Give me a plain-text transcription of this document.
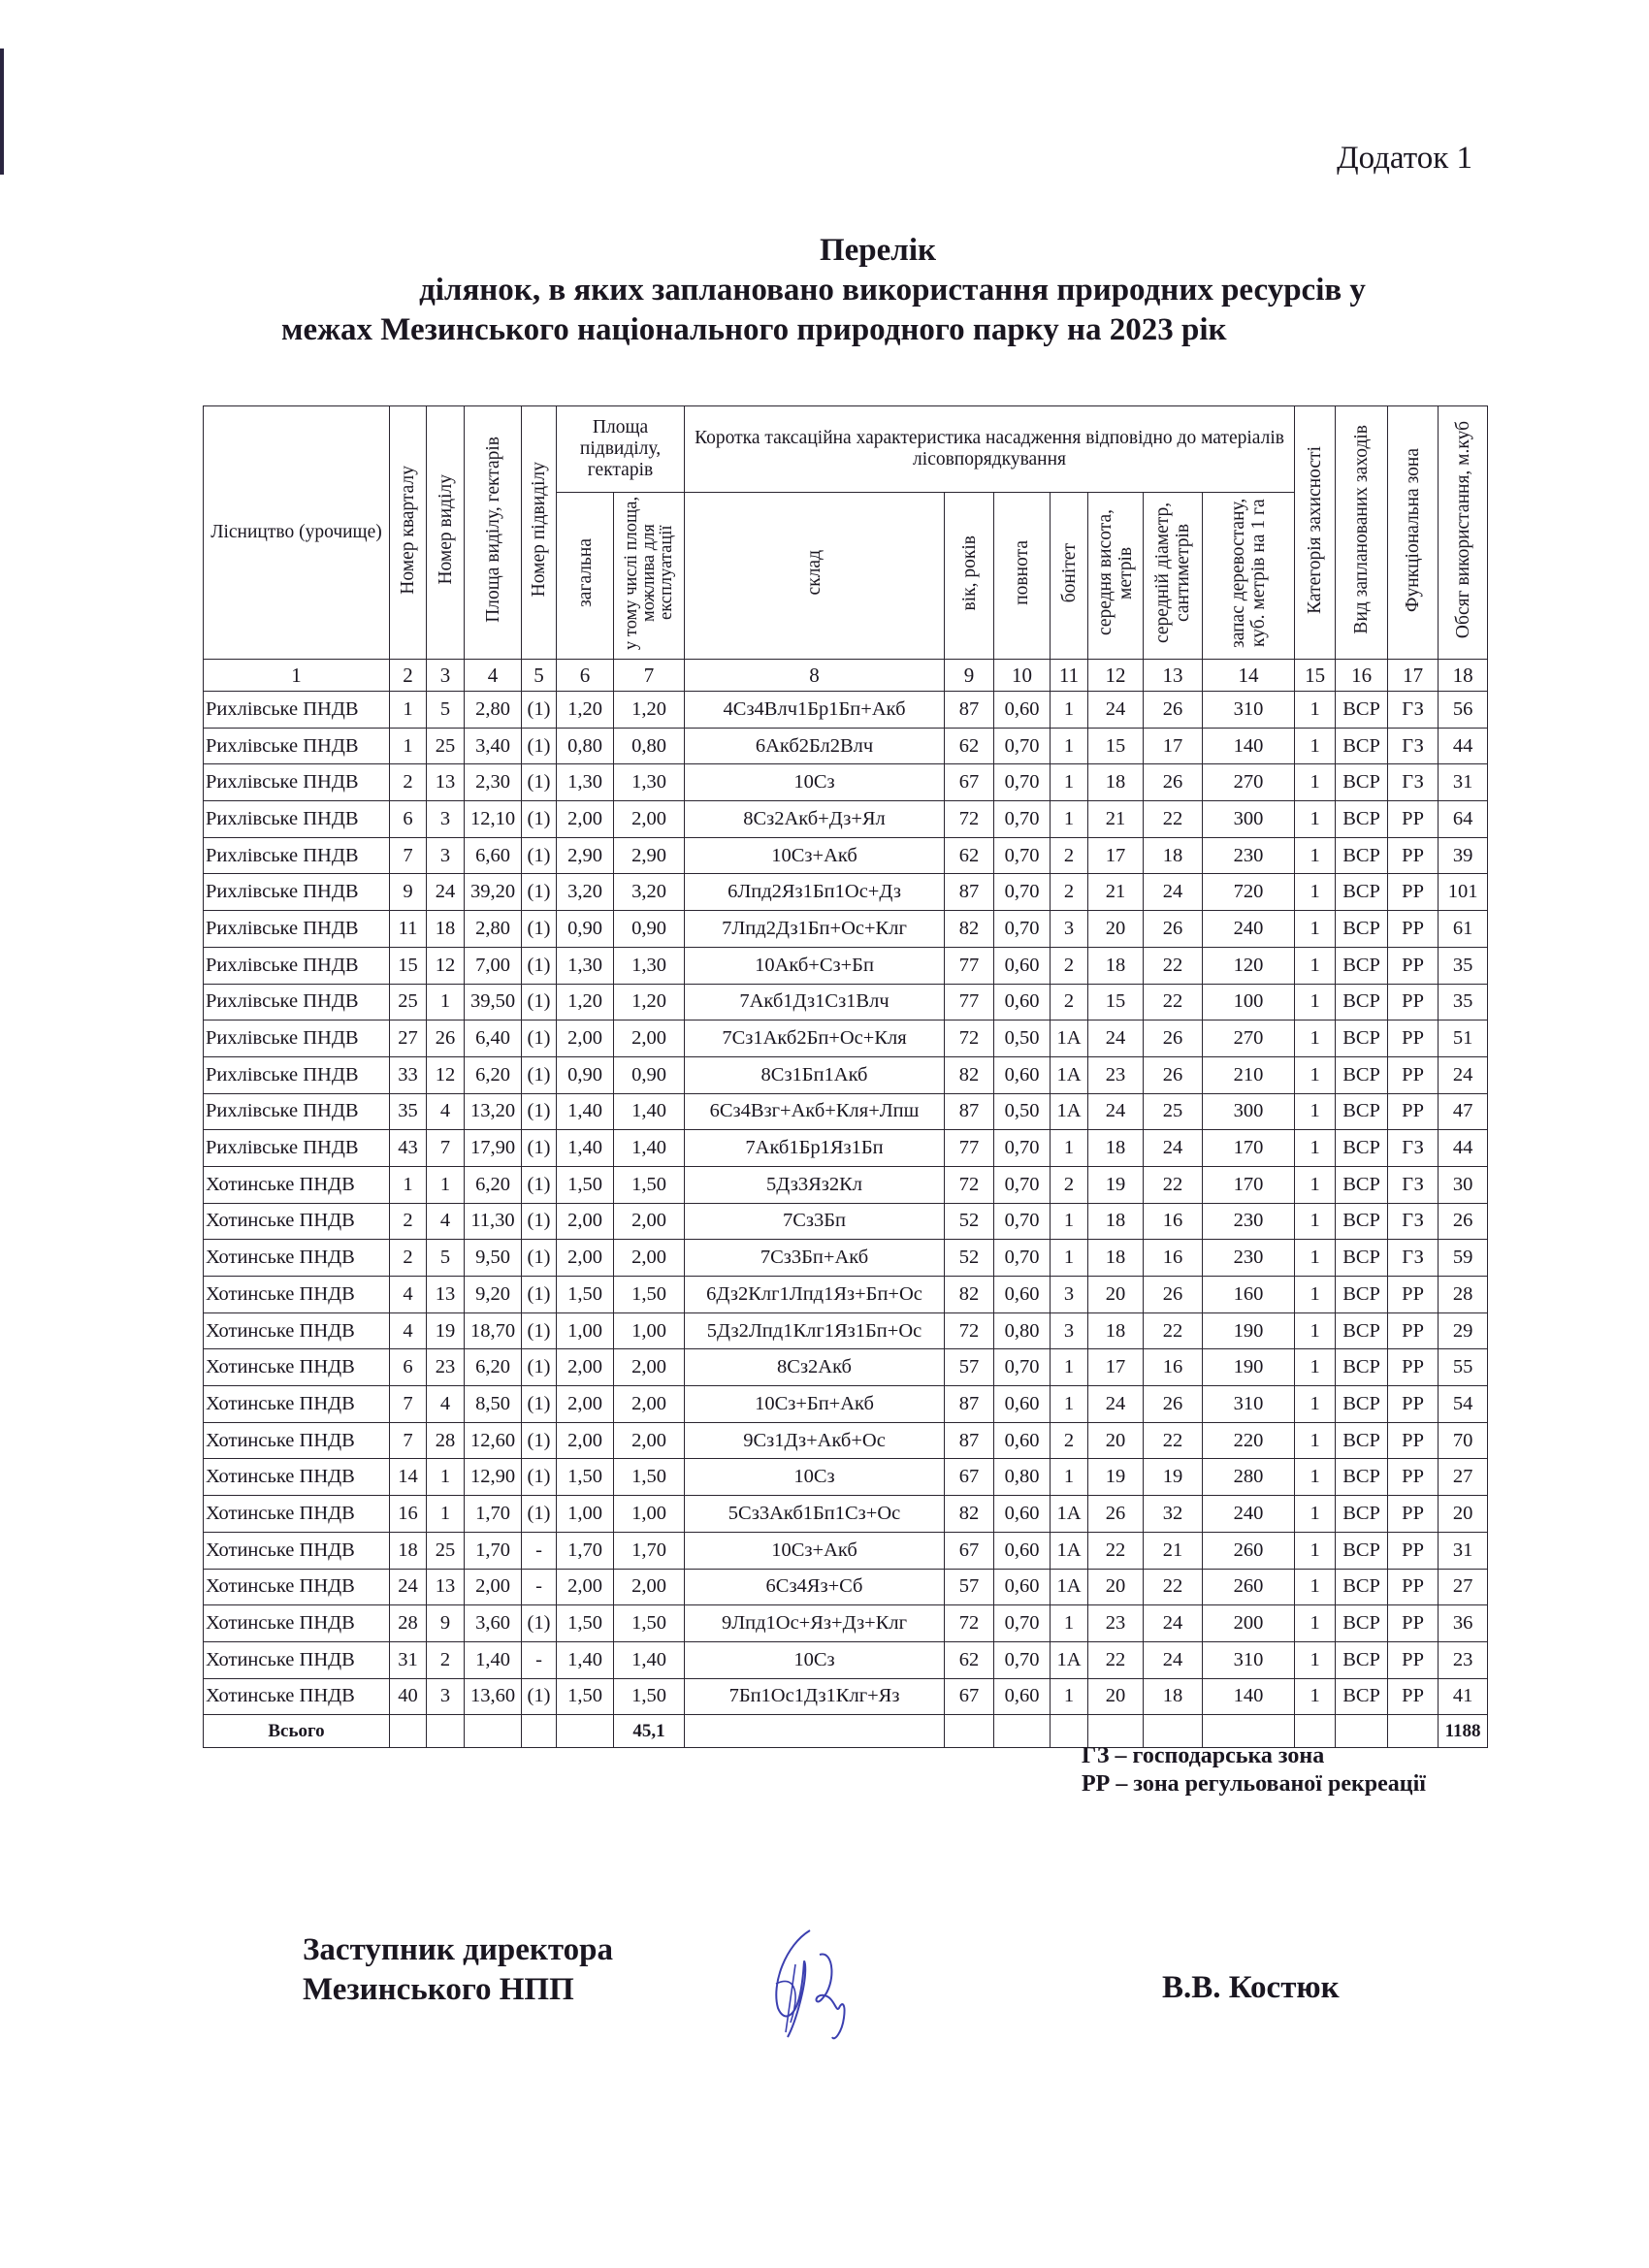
Додаток 1
Перелік
ділянок, в яких заплановано використання природних ресурсів у
межах Мезинського національного природного парку на 2023 рік
Лісництво (урочище)	Номер кварталу	Номер виділу	Площа виділу, гектарів	Номер підвиділу	Площа підвиділу, гектарів		Коротка таксаційна характеристика насадження відповідно до матеріалів лісовпорядкування							Категорія захисності	Вид запланованих заходів	Функціональна зона	Обсяг використання, м.куб
					загальна	у тому числі площа, можлива для експлуатації	склад	вік, років	повнота	бонітет	середня висота, метрів	середній діаметр, сантиметрів	запас деревостану, куб. метрів на 1 га				
1	2	3	4	5	6	7	8	9	10	11	12	13	14	15	16	17	18
Рихлівське ПНДВ	1	5	2,80	(1)	1,20	1,20	4Сз4Влч1Бр1Бп+Акб	87	0,60	1	24	26	310	1	ВСР	ГЗ	56
Рихлівське ПНДВ	1	25	3,40	(1)	0,80	0,80	6Акб2Бл2Влч	62	0,70	1	15	17	140	1	ВСР	ГЗ	44
Рихлівське ПНДВ	2	13	2,30	(1)	1,30	1,30	10Сз	67	0,70	1	18	26	270	1	ВСР	ГЗ	31
Рихлівське ПНДВ	6	3	12,10	(1)	2,00	2,00	8Сз2Акб+Дз+Ял	72	0,70	1	21	22	300	1	ВСР	РР	64
Рихлівське ПНДВ	7	3	6,60	(1)	2,90	2,90	10Сз+Акб	62	0,70	2	17	18	230	1	ВСР	РР	39
Рихлівське ПНДВ	9	24	39,20	(1)	3,20	3,20	6Лпд2Яз1Бп1Ос+Дз	87	0,70	2	21	24	720	1	ВСР	РР	101
Рихлівське ПНДВ	11	18	2,80	(1)	0,90	0,90	7Лпд2Дз1Бп+Ос+Клг	82	0,70	3	20	26	240	1	ВСР	РР	61
Рихлівське ПНДВ	15	12	7,00	(1)	1,30	1,30	10Акб+Сз+Бп	77	0,60	2	18	22	120	1	ВСР	РР	35
Рихлівське ПНДВ	25	1	39,50	(1)	1,20	1,20	7Акб1Дз1Сз1Влч	77	0,60	2	15	22	100	1	ВСР	РР	35
Рихлівське ПНДВ	27	26	6,40	(1)	2,00	2,00	7Сз1Акб2Бп+Ос+Кля	72	0,50	1А	24	26	270	1	ВСР	РР	51
Рихлівське ПНДВ	33	12	6,20	(1)	0,90	0,90	8Сз1Бп1Акб	82	0,60	1А	23	26	210	1	ВСР	РР	24
Рихлівське ПНДВ	35	4	13,20	(1)	1,40	1,40	6Сз4Взг+Акб+Кля+Лпш	87	0,50	1А	24	25	300	1	ВСР	РР	47
Рихлівське ПНДВ	43	7	17,90	(1)	1,40	1,40	7Акб1Бр1Яз1Бп	77	0,70	1	18	24	170	1	ВСР	ГЗ	44
Хотинське ПНДВ	1	1	6,20	(1)	1,50	1,50	5Дз3Яз2Кл	72	0,70	2	19	22	170	1	ВСР	ГЗ	30
Хотинське ПНДВ	2	4	11,30	(1)	2,00	2,00	7Сз3Бп	52	0,70	1	18	16	230	1	ВСР	ГЗ	26
Хотинське ПНДВ	2	5	9,50	(1)	2,00	2,00	7Сз3Бп+Акб	52	0,70	1	18	16	230	1	ВСР	ГЗ	59
Хотинське ПНДВ	4	13	9,20	(1)	1,50	1,50	6Дз2Клг1Лпд1Яз+Бп+Ос	82	0,60	3	20	26	160	1	ВСР	РР	28
Хотинське ПНДВ	4	19	18,70	(1)	1,00	1,00	5Дз2Лпд1Клг1Яз1Бп+Ос	72	0,80	3	18	22	190	1	ВСР	РР	29
Хотинське ПНДВ	6	23	6,20	(1)	2,00	2,00	8Сз2Акб	57	0,70	1	17	16	190	1	ВСР	РР	55
Хотинське ПНДВ	7	4	8,50	(1)	2,00	2,00	10Сз+Бп+Акб	87	0,60	1	24	26	310	1	ВСР	РР	54
Хотинське ПНДВ	7	28	12,60	(1)	2,00	2,00	9Сз1Дз+Акб+Ос	87	0,60	2	20	22	220	1	ВСР	РР	70
Хотинське ПНДВ	14	1	12,90	(1)	1,50	1,50	10Сз	67	0,80	1	19	19	280	1	ВСР	РР	27
Хотинське ПНДВ	16	1	1,70	(1)	1,00	1,00	5Сз3Акб1Бп1Сз+Ос	82	0,60	1А	26	32	240	1	ВСР	РР	20
Хотинське ПНДВ	18	25	1,70	-	1,70	1,70	10Сз+Акб	67	0,60	1А	22	21	260	1	ВСР	РР	31
Хотинське ПНДВ	24	13	2,00	-	2,00	2,00	6Сз4Яз+Сб	57	0,60	1А	20	22	260	1	ВСР	РР	27
Хотинське ПНДВ	28	9	3,60	(1)	1,50	1,50	9Лпд1Ос+Яз+Дз+Клг	72	0,70	1	23	24	200	1	ВСР	РР	36
Хотинське ПНДВ	31	2	1,40	-	1,40	1,40	10Сз	62	0,70	1А	22	24	310	1	ВСР	РР	23
Хотинське ПНДВ	40	3	13,60	(1)	1,50	1,50	7Бп1Ос1Дз1Клг+Яз	67	0,60	1	20	18	140	1	ВСР	РР	41
Всього						45,1											1188
ГЗ – господарська зона
РР – зона регульованої рекреації
Заступник директора
Мезинського НПП	В.В. Костюк
